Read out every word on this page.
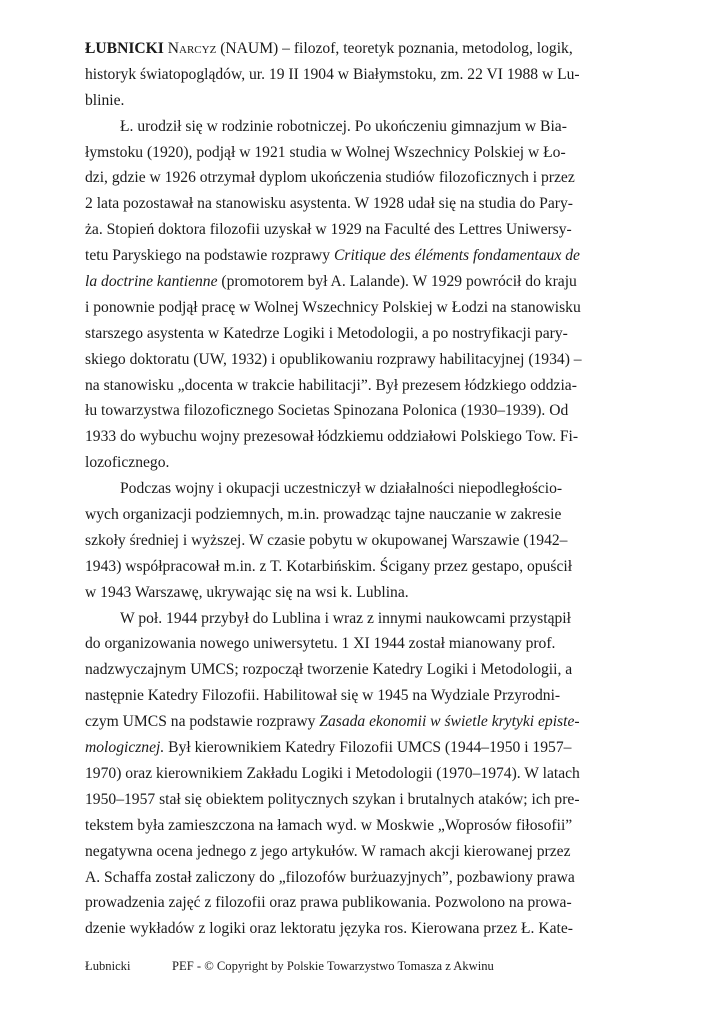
ŁUBNICKI Narcyz (NAUM) – filozof, teoretyk poznania, metodolog, logik,
historyk światopoglądów, ur. 19 II 1904 w Białymstoku, zm. 22 VI 1988 w Lu-
blinie.
Ł. urodził się w rodzinie robotniczej. Po ukończeniu gimnazjum w Bia-
łymstoku (1920), podjął w 1921 studia w Wolnej Wszechnicy Polskiej w Ło-
dzi, gdzie w 1926 otrzymał dyplom ukończenia studiów filozoficznych i przez
2 lata pozostawał na stanowisku asystenta. W 1928 udał się na studia do Pary-
ża. Stopień doktora filozofii uzyskał w 1929 na Faculté des Lettres Uniwersy-
tetu Paryskiego na podstawie rozprawy Critique des éléments fondamentaux de
la doctrine kantienne (promotorem był A. Lalande). W 1929 powrócił do kraju
i ponownie podjął pracę w Wolnej Wszechnicy Polskiej w Łodzi na stanowisku
starszego asystenta w Katedrze Logiki i Metodologii, a po nostryfikacji pary-
skiego doktoratu (UW, 1932) i opublikowaniu rozprawy habilitacyjnej (1934) –
na stanowisku „docenta w trakcie habilitacji”. Był prezesem łódzkiego oddzia-
łu towarzystwa filozoficznego Societas Spinozana Polonica (1930–1939). Od
1933 do wybuchu wojny prezesował łódzkiemu oddziałowi Polskiego Tow. Fi-
lozoficznego.
Podczas wojny i okupacji uczestniczył w działalności niepodległościo-
wych organizacji podziemnych, m.in. prowadząc tajne nauczanie w zakresie
szkoły średniej i wyższej. W czasie pobytu w okupowanej Warszawie (1942–
1943) współpracował m.in. z T. Kotarbińskim. Ścigany przez gestapo, opuścił
w 1943 Warszawę, ukrywając się na wsi k. Lublina.
W poł. 1944 przybył do Lublina i wraz z innymi naukowcami przystąpił
do organizowania nowego uniwersytetu. 1 XI 1944 został mianowany prof.
nadzwyczajnym UMCS; rozpoczął tworzenie Katedry Logiki i Metodologii, a
następnie Katedry Filozofii. Habilitował się w 1945 na Wydziale Przyrodni-
czym UMCS na podstawie rozprawy Zasada ekonomii w świetle krytyki episte-
mologicznej. Był kierownikiem Katedry Filozofii UMCS (1944–1950 i 1957–
1970) oraz kierownikiem Zakładu Logiki i Metodologii (1970–1974). W latach
1950–1957 stał się obiektem politycznych szykan i brutalnych ataków; ich pre-
tekstem była zamieszczona na łamach wyd. w Moskwie „Woprosów fiłosofii”
negatywna ocena jednego z jego artykułów. W ramach akcji kierowanej przez
A. Schaffa został zaliczony do „filozofów burżuazyjnych”, pozbawiony prawa
prowadzenia zajęć z filozofii oraz prawa publikowania. Pozwolono na prowa-
dzenie wykładów z logiki oraz lektoratu języka ros. Kierowana przez Ł. Kate-
Łubnicki	PEF - © Copyright by Polskie Towarzystwo Tomasza z Akwinu
